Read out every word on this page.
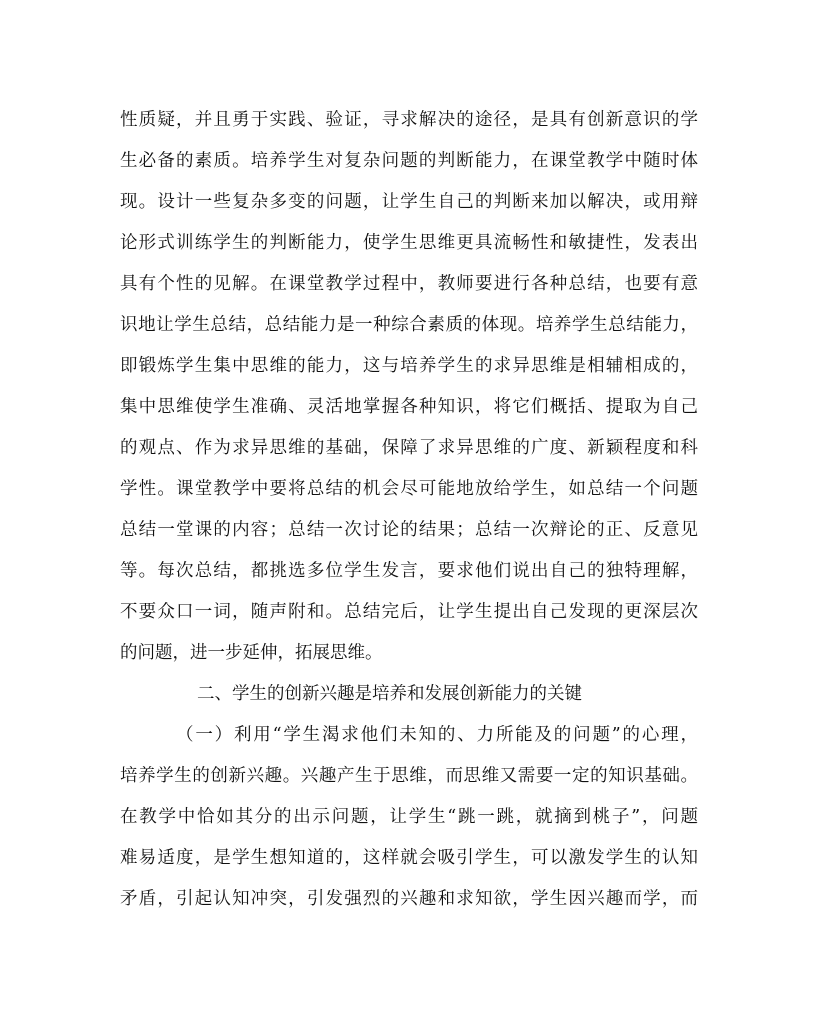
性质疑，并且勇于实践、验证，寻求解决的途径，是具有创新意识的学
生必备的素质。培养学生对复杂问题的判断能力，在课堂教学中随时体
现。设计一些复杂多变的问题，让学生自己的判断来加以解决，或用辩
论形式训练学生的判断能力，使学生思维更具流畅性和敏捷性，发表出
具有个性的见解。在课堂教学过程中，教师要进行各种总结，也要有意
识地让学生总结，总结能力是一种综合素质的体现。培养学生总结能力，
即锻炼学生集中思维的能力，这与培养学生的求异思维是相辅相成的，
集中思维使学生准确、灵活地掌握各种知识，将它们概括、提取为自己
的观点、作为求异思维的基础，保障了求异思维的广度、新颖程度和科
学性。课堂教学中要将总结的机会尽可能地放给学生，如总结一个问题
总结一堂课的内容；总结一次讨论的结果；总结一次辩论的正、反意见
等。每次总结，都挑选多位学生发言，要求他们说出自己的独特理解，
不要众口一词，随声附和。总结完后，让学生提出自己发现的更深层次
的问题，进一步延伸，拓展思维。
二、学生的创新兴趣是培养和发展创新能力的关键
（一）利用“学生渴求他们未知的、力所能及的问题”的心理，
培养学生的创新兴趣。兴趣产生于思维，而思维又需要一定的知识基础。
在教学中恰如其分的出示问题，让学生“跳一跳，就摘到桃子”，问题
难易适度，是学生想知道的，这样就会吸引学生，可以激发学生的认知
矛盾，引起认知冲突，引发强烈的兴趣和求知欲，学生因兴趣而学，而
